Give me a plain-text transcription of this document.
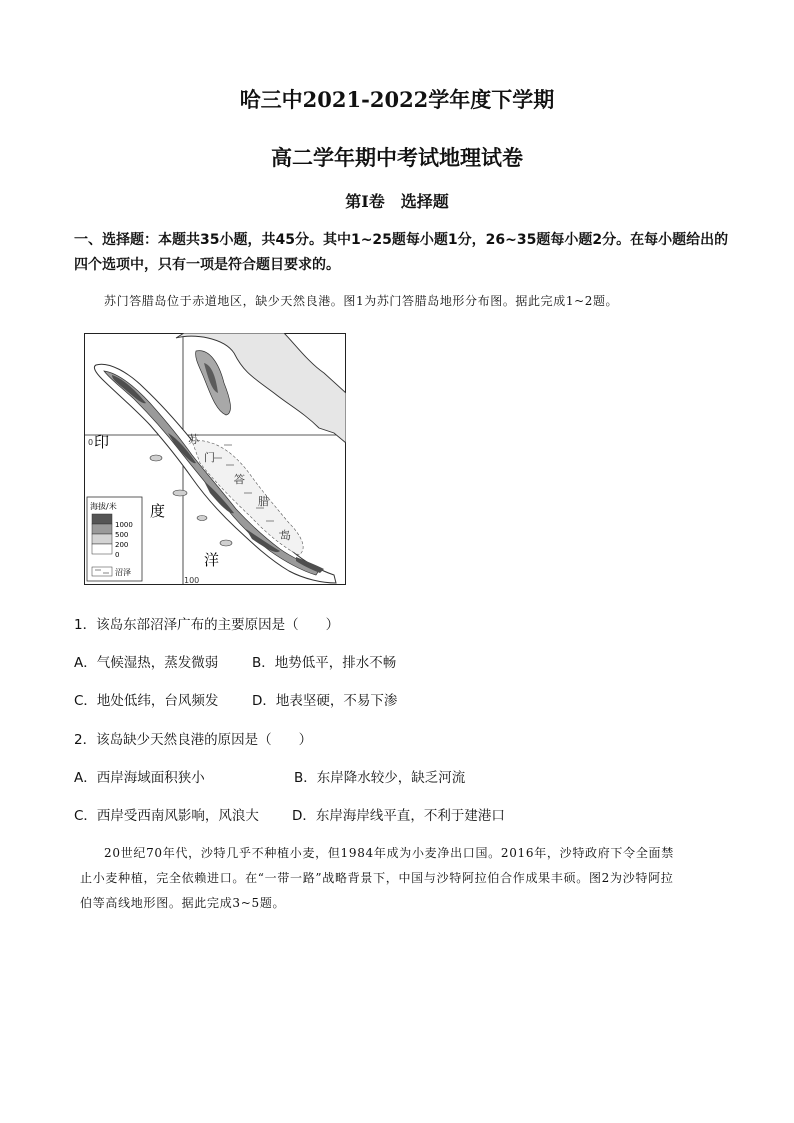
哈三中2021-2022学年度下学期
高二学年期中考试地理试卷
第Ⅰ卷　选择题
一、选择题：本题共35小题，共45分。其中1~25题每小题1分，26~35题每小题2分。在每小题给出的
四个选项中，只有一项是符合题目要求的。
苏门答腊岛位于赤道地区，缺少天然良港。图1为苏门答腊岛地形分布图。据此完成1~2题。
印
度
洋
苏
门
答
腊
岛
0
100
海拔/米
1000
500
200
0
沼泽
1．该岛东部沼泽广布的主要原因是（　　）
A．气候湿热，蒸发微弱	B．地势低平，排水不畅
C．地处低纬，台风频发 D．地表坚硬，不易下渗
2．该岛缺少天然良港的原因是（　　）
A．西岸海域面积狭小	B．东岸降水较少，缺乏河流
C．西岸受西南风影响，风浪大 D．东岸海岸线平直，不利于建港口
20世纪70年代，沙特几乎不种植小麦，但1984年成为小麦净出口国。2016年，沙特政府下令全面禁
止小麦种植，完全依赖进口。在“一带一路”战略背景下，中国与沙特阿拉伯合作成果丰硕。图2为沙特阿拉
伯等高线地形图。据此完成3~5题。
